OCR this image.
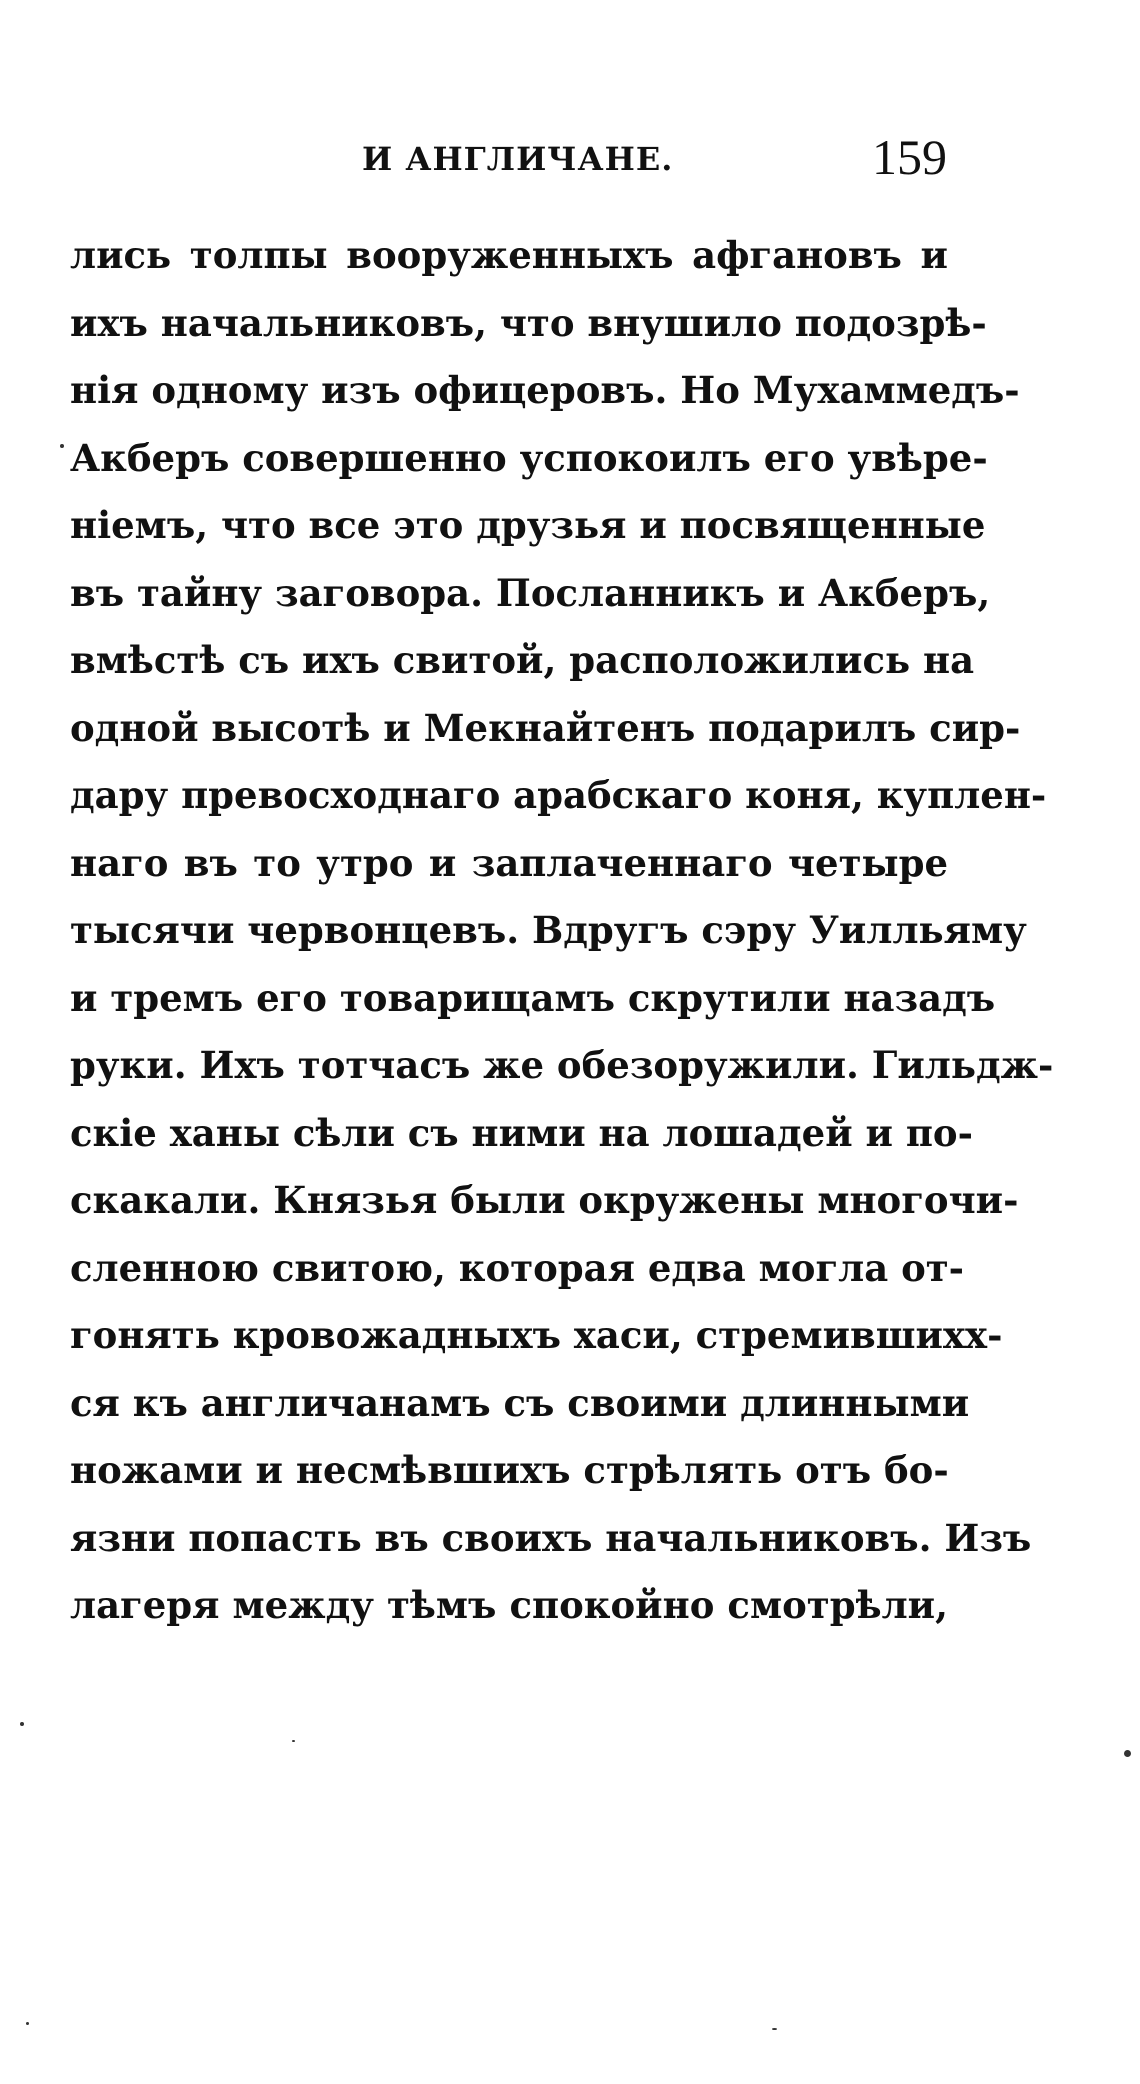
И АНГЛИЧАНЕ.	159
лись толпы вооруженныхъ афгановъ и
ихъ начальниковъ, что внушило подозрѣ-
нія одному изъ офицеровъ. Но Мухаммедъ-
Акберъ совершенно успокоилъ его увѣре-
ніемъ, что все это друзья и посвященные
въ тайну заговора. Посланникъ и Акберъ,
вмѣстѣ съ ихъ свитой, расположились на
одной высотѣ и Мекнайтенъ подарилъ сир-
дару превосходнаго арабскаго коня, куплен-
наго въ то утро и заплаченнаго четыре
тысячи червонцевъ. Вдругъ сэру Уилльяму
и тремъ его товарищамъ скрутили назадъ
руки. Ихъ тотчасъ же обезоружили. Гильдж-
скіе ханы сѣли съ ними на лошадей и по-
скакали. Князья были окружены многочи-
сленною свитою, которая едва могла от-
гонять кровожадныхъ хаси, стремившихх-
ся къ англичанамъ съ своими длинными
ножами и несмѣвшихъ стрѣлять отъ бо-
язни попасть въ своихъ начальниковъ. Изъ
лагеря между тѣмъ спокойно смотрѣли,
